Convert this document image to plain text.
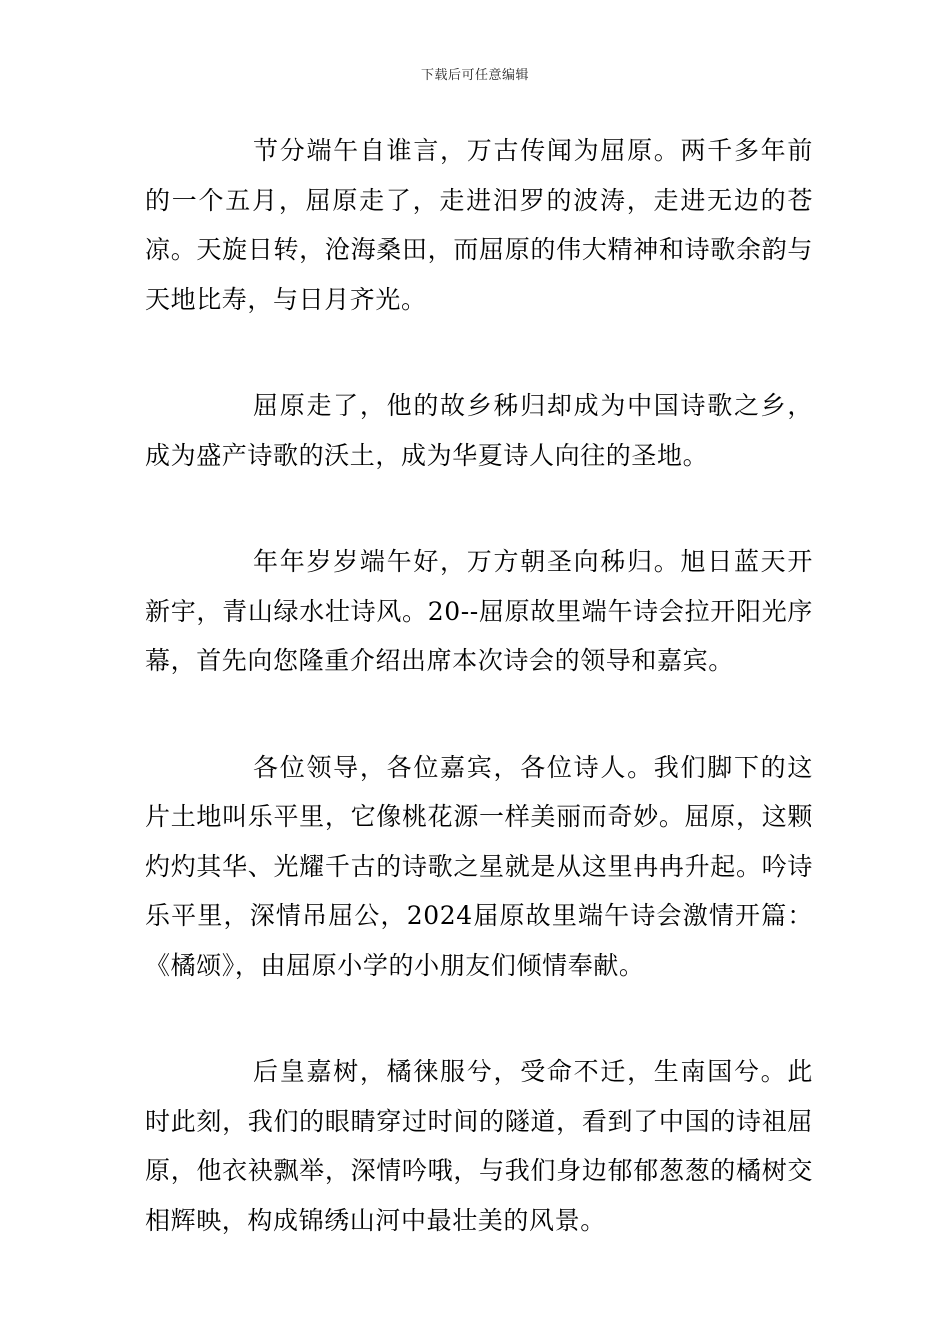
下载后可任意编辑

节分端午自谁言，万古传闻为屈原。两千多年前的一个五月，屈原走了，走进汨罗的波涛，走进无边的苍凉。天旋日转，沧海桑田，而屈原的伟大精神和诗歌余韵与天地比寿，与日月齐光。

屈原走了，他的故乡秭归却成为中国诗歌之乡，成为盛产诗歌的沃土，成为华夏诗人向往的圣地。

年年岁岁端午好，万方朝圣向秭归。旭日蓝天开新宇，青山绿水壮诗风。20--屈原故里端午诗会拉开阳光序幕，首先向您隆重介绍出席本次诗会的领导和嘉宾。

各位领导，各位嘉宾，各位诗人。我们脚下的这片土地叫乐平里，它像桃花源一样美丽而奇妙。屈原，这颗灼灼其华、光耀千古的诗歌之星就是从这里冉冉升起。吟诗乐平里，深情吊屈公，2024届原故里端午诗会激情开篇：《橘颂》，由屈原小学的小朋友们倾情奉献。

后皇嘉树，橘徕服兮，受命不迁，生南国兮。此时此刻，我们的眼睛穿过时间的隧道，看到了中国的诗祖屈原，他衣袂飘举，深情吟哦，与我们身边郁郁葱葱的橘树交相辉映，构成锦绣山河中最壮美的风景。
